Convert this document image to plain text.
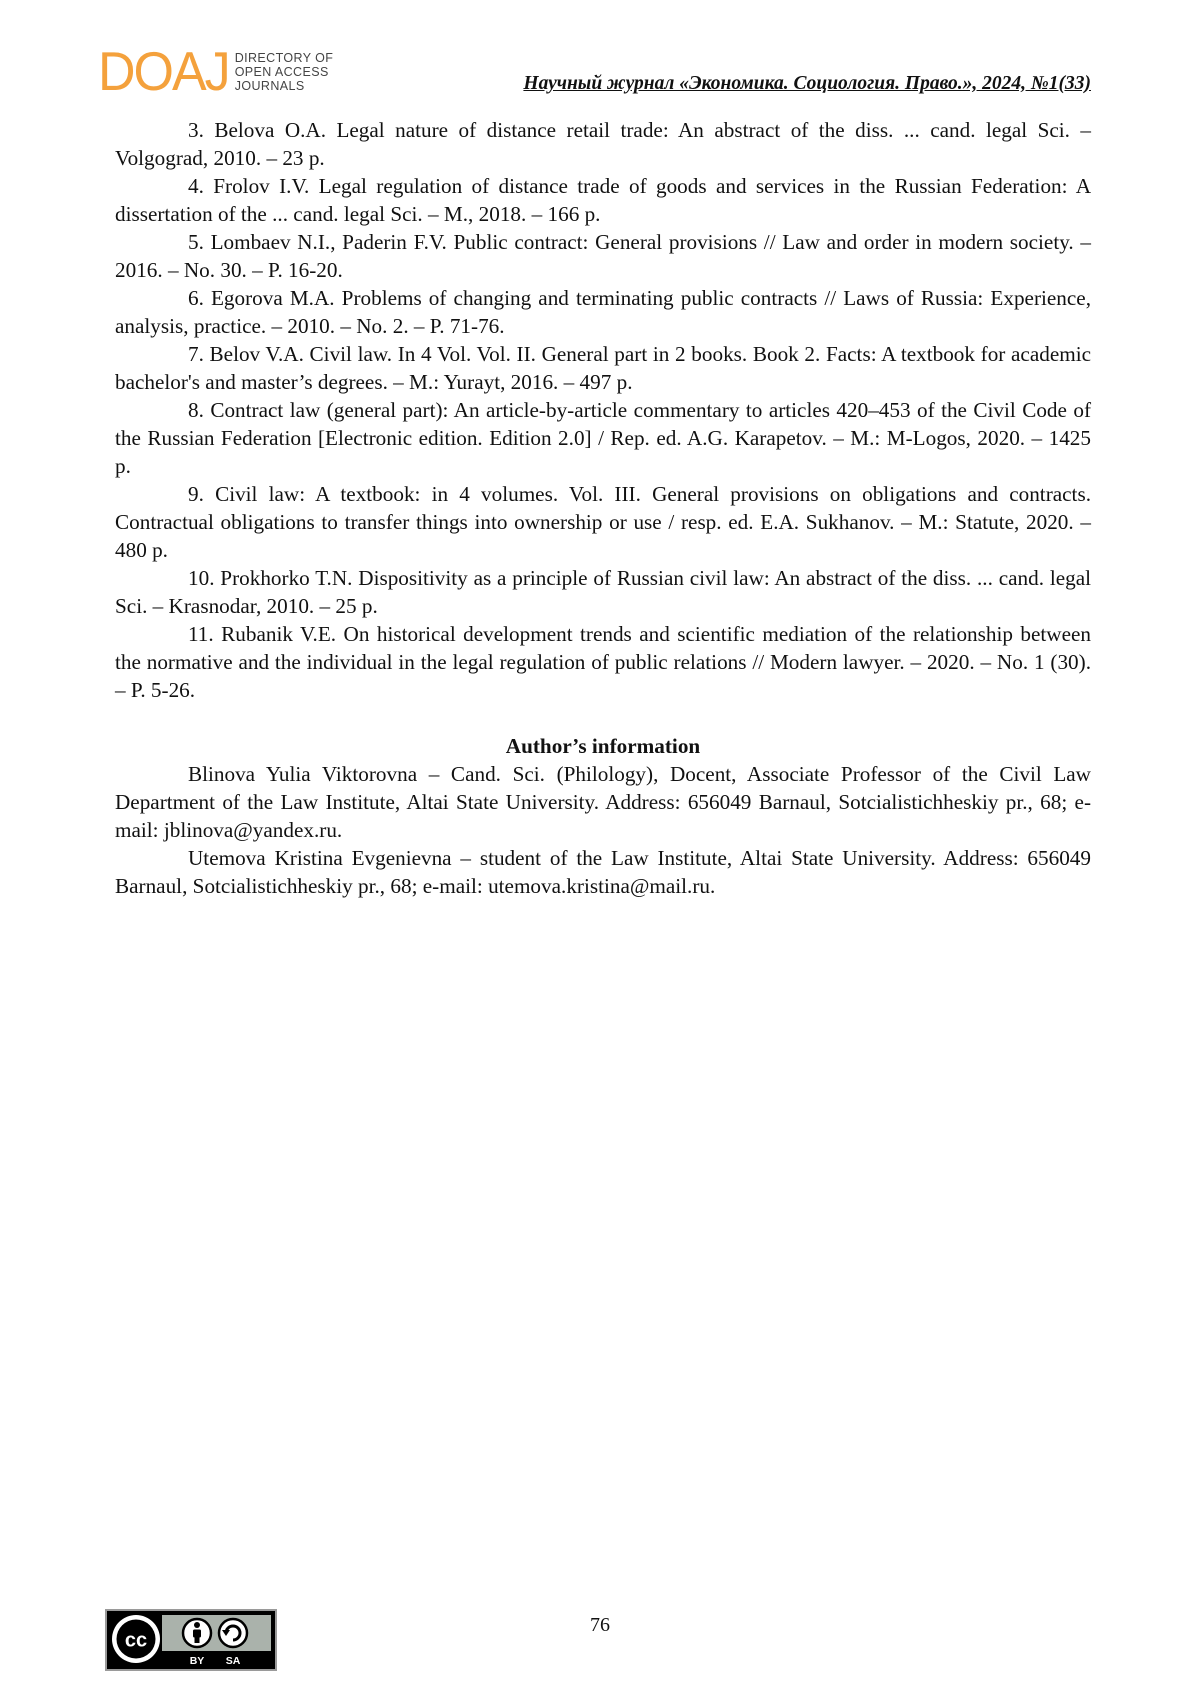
DOAJ DIRECTORY OF
OPEN ACCESS
JOURNALS	Научный журнал «Экономика. Социология. Право.», 2024, №1(33)

3. Belova O.A. Legal nature of distance retail trade: An abstract of the diss. ... cand. legal Sci. – Volgograd, 2010. – 23 p.

4. Frolov I.V. Legal regulation of distance trade of goods and services in the Russian Federation: A dissertation of the ... cand. legal Sci. – M., 2018. – 166 p.

5. Lombaev N.I., Paderin F.V. Public contract: General provisions // Law and order in modern society. – 2016. – No. 30. – P. 16-20.

6. Egorova M.A. Problems of changing and terminating public contracts // Laws of Russia: Experience, analysis, practice. – 2010. – No. 2. – P. 71-76.

7. Belov V.A. Civil law. In 4 Vol. Vol. II. General part in 2 books. Book 2. Facts: A textbook for academic bachelor's and master’s degrees. – M.: Yurayt, 2016. – 497 p.

8. Contract law (general part): An article-by-article commentary to articles 420–453 of the Civil Code of the Russian Federation [Electronic edition. Edition 2.0] / Rep. ed. A.G. Karapetov. – M.: M-Logos, 2020. – 1425 p.

9. Civil law: A textbook: in 4 volumes. Vol. III. General provisions on obligations and contracts. Contractual obligations to transfer things into ownership or use / resp. ed. E.A. Sukhanov. – M.: Statute, 2020. – 480 p.

10. Prokhorko T.N. Dispositivity as a principle of Russian civil law: An abstract of the diss. ... cand. legal Sci. – Krasnodar, 2010. – 25 p.

11. Rubanik V.E. On historical development trends and scientific mediation of the relationship between the normative and the individual in the legal regulation of public relations // Modern lawyer. – 2020. – No. 1 (30). – P. 5-26.

Author’s information

Blinova Yulia Viktorovna – Cand. Sci. (Philology), Docent, Associate Professor of the Civil Law Department of the Law Institute, Altai State University. Address: 656049 Barnaul, Sotcialistichheskiy pr., 68; e-mail: jblinova@yandex.ru.

Utemova Kristina Evgenievna – student of the Law Institute, Altai State University. Address: 656049 Barnaul, Sotcialistichheskiy pr., 68; e-mail: utemova.kristina@mail.ru.

cc
BY SA
76
